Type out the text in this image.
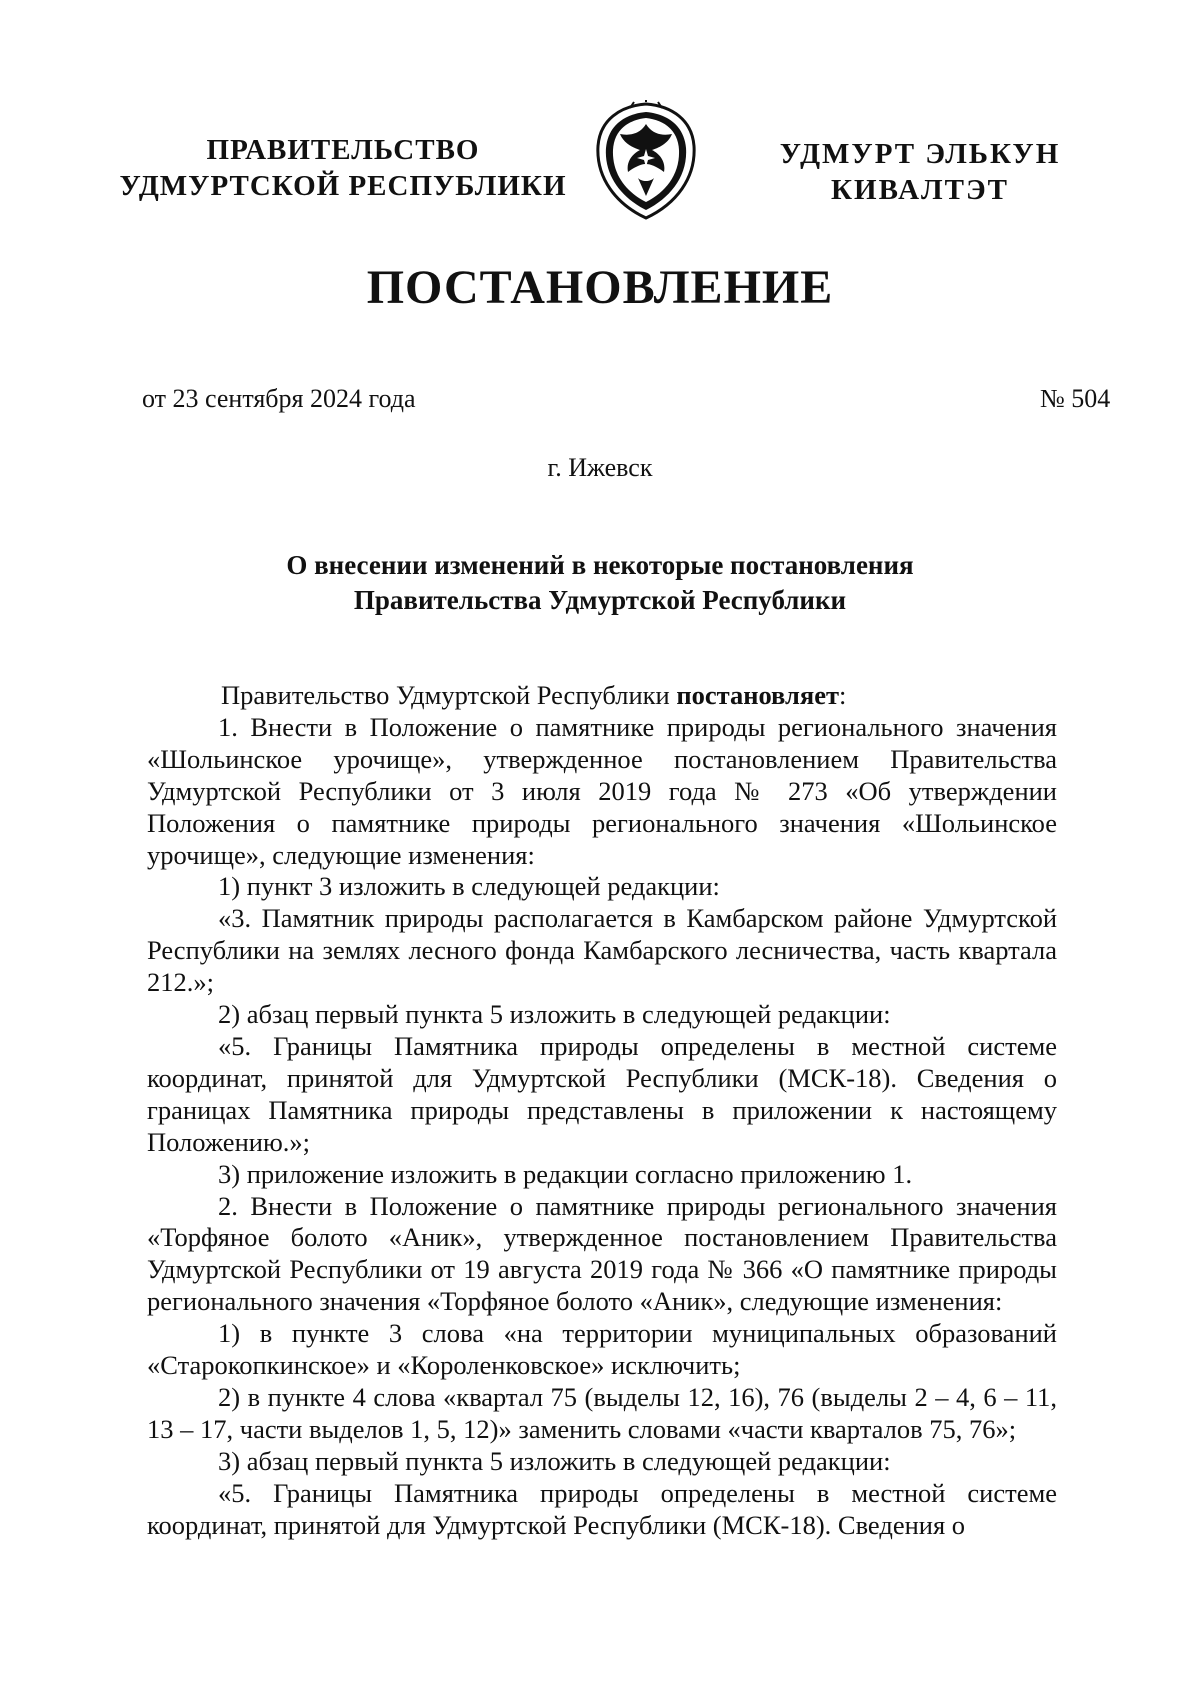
ПРАВИТЕЛЬСТВО
УДМУРТСКОЙ РЕСПУБЛИКИ
УДМУРТ ЭЛЬКУН
КИВАЛТЭТ
ПОСТАНОВЛЕНИЕ
от 23 сентября 2024 года	№ 504
г. Ижевск
О внесении изменений в некоторые постановления
Правительства Удмуртской Республики

Правительство Удмуртской Республики постановляет:

1. Внести в Положение о памятнике природы регионального значения «Шольинское урочище», утвержденное постановлением Правительства Удмуртской Республики от 3 июля 2019 года № 273 «Об утверждении Положения о памятнике природы регионального значения «Шольинское урочище», следующие изменения:

1) пункт 3 изложить в следующей редакции:

«3. Памятник природы располагается в Камбарском районе Удмуртской Республики на землях лесного фонда Камбарского лесничества, часть квартала 212.»;

2) абзац первый пункта 5 изложить в следующей редакции:

«5. Границы Памятника природы определены в местной системе координат, принятой для Удмуртской Республики (МСК-18). Сведения о границах Памятника природы представлены в приложении к настоящему Положению.»;

3) приложение изложить в редакции согласно приложению 1.

2. Внести в Положение о памятнике природы регионального значения «Торфяное болото «Аник», утвержденное постановлением Правительства Удмуртской Республики от 19 августа 2019 года № 366 «О памятнике природы регионального значения «Торфяное болото «Аник», следующие изменения:

1) в пункте 3 слова «на территории муниципальных образований «Старокопкинское» и «Короленковское» исключить;

2) в пункте 4 слова «квартал 75 (выделы 12, 16), 76 (выделы 2 – 4, 6 – 11, 13 – 17, части выделов 1, 5, 12)» заменить словами «части кварталов 75, 76»;

3) абзац первый пункта 5 изложить в следующей редакции:

«5. Границы Памятника природы определены в местной системе координат, принятой для Удмуртской Республики (МСК-18). Сведения о
